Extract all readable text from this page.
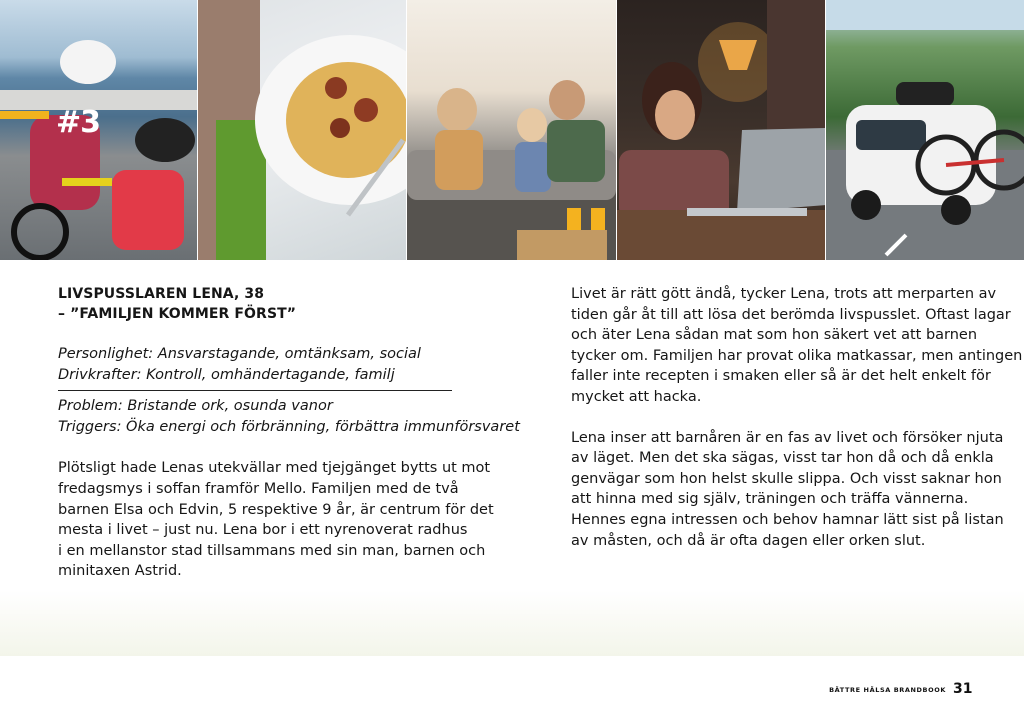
#3
LIVSPUSSLAREN LENA, 38
– ”FAMILJEN KOMMER FÖRST”
Personlighet: Ansvarstagande, omtänksam, social
Drivkrafter: Kontroll, omhändertagande, familj
Problem: Bristande ork, osunda vanor
Triggers: Öka energi och förbränning, förbättra immunförsvaret
Plötsligt hade Lenas utekvällar med tjejgänget bytts ut mot
fredagsmys i soffan framför Mello. Familjen med de två
barnen Elsa och Edvin, 5 respektive 9 år, är centrum för det
mesta i livet – just nu. Lena bor i ett nyrenoverat radhus
i en mellanstor stad tillsammans med sin man, barnen och
minitaxen Astrid.
Livet är rätt gött ändå, tycker Lena, trots att merparten av
tiden går åt till att lösa det berömda livspusslet. Oftast lagar
och äter Lena sådan mat som hon säkert vet att barnen
tycker om. Familjen har provat olika matkassar, men antingen
faller inte recepten i smaken eller så är det helt enkelt för
mycket att hacka.
Lena inser att barnåren är en fas av livet och försöker njuta
av läget. Men det ska sägas, visst tar hon då och då enkla
genvägar som hon helst skulle slippa. Och visst saknar hon
att hinna med sig själv, träningen och träffa vännerna.
Hennes egna intressen och behov hamnar lätt sist på listan
av måsten, och då är ofta dagen eller orken slut.
BÄTTRE HÄLSA BRANDBOOK 31
